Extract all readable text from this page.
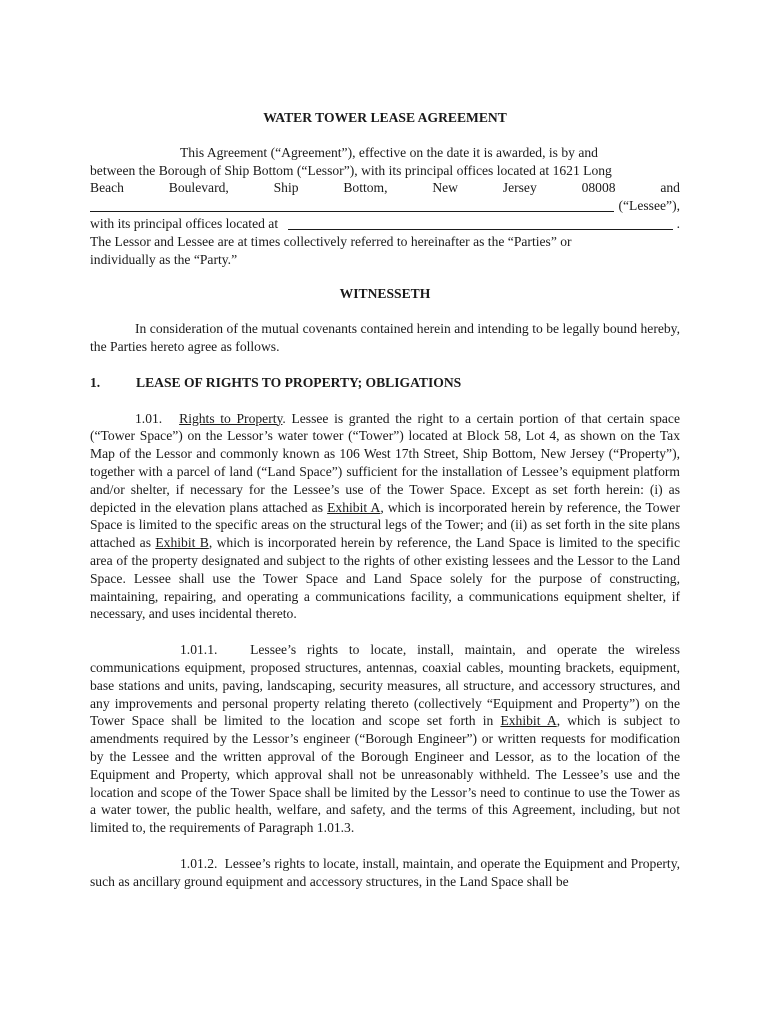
WATER TOWER LEASE AGREEMENT

This Agreement (“Agreement”), effective on the date it is awarded, is by and

between the Borough of Ship Bottom (“Lessor”), with its principal offices located at 1621 Long

Beach	Boulevard,	Ship	Bottom,	New	Jersey	08008	and
(“Lessee”),
with its principal offices located at	.

The Lessor and Lessee are at times collectively referred to hereinafter as the “Parties” or

individually as the “Party.”

WITNESSETH

In consideration of the mutual covenants contained herein and intending to be legally bound hereby, the Parties hereto agree as follows.

1.	LEASE OF RIGHTS TO PROPERTY; OBLIGATIONS

1.01. Rights to Property. Lessee is granted the right to a certain portion of that certain space (“Tower Space”) on the Lessor’s water tower (“Tower”) located at Block 58, Lot 4, as shown on the Tax Map of the Lessor and commonly known as 106 West 17th Street, Ship Bottom, New Jersey (“Property”), together with a parcel of land (“Land Space”) sufficient for the installation of Lessee’s equipment platform and/or shelter, if necessary for the Lessee’s use of the Tower Space. Except as set forth herein: (i) as depicted in the elevation plans attached as Exhibit A, which is incorporated herein by reference, the Tower Space is limited to the specific areas on the structural legs of the Tower; and (ii) as set forth in the site plans attached as Exhibit B, which is incorporated herein by reference, the Land Space is limited to the specific area of the property designated and subject to the rights of other existing lessees and the Lessor to the Land Space. Lessee shall use the Tower Space and Land Space solely for the purpose of constructing, maintaining, repairing, and operating a communications facility, a communications equipment shelter, if necessary, and uses incidental thereto.

1.01.1. Lessee’s rights to locate, install, maintain, and operate the wireless communications equipment, proposed structures, antennas, coaxial cables, mounting brackets, equipment, base stations and units, paving, landscaping, security measures, all structure, and accessory structures, and any improvements and personal property relating thereto (collectively “Equipment and Property”) on the Tower Space shall be limited to the location and scope set forth in Exhibit A, which is subject to amendments required by the Lessor’s engineer (“Borough Engineer”) or written requests for modification by the Lessee and the written approval of the Borough Engineer and Lessor, as to the location of the Equipment and Property, which approval shall not be unreasonably withheld. The Lessee’s use and the location and scope of the Tower Space shall be limited by the Lessor’s need to continue to use the Tower as a water tower, the public health, welfare, and safety, and the terms of this Agreement, including, but not limited to, the requirements of Paragraph 1.01.3.

1.01.2. Lessee’s rights to locate, install, maintain, and operate the Equipment and Property, such as ancillary ground equipment and accessory structures, in the Land Space shall be
